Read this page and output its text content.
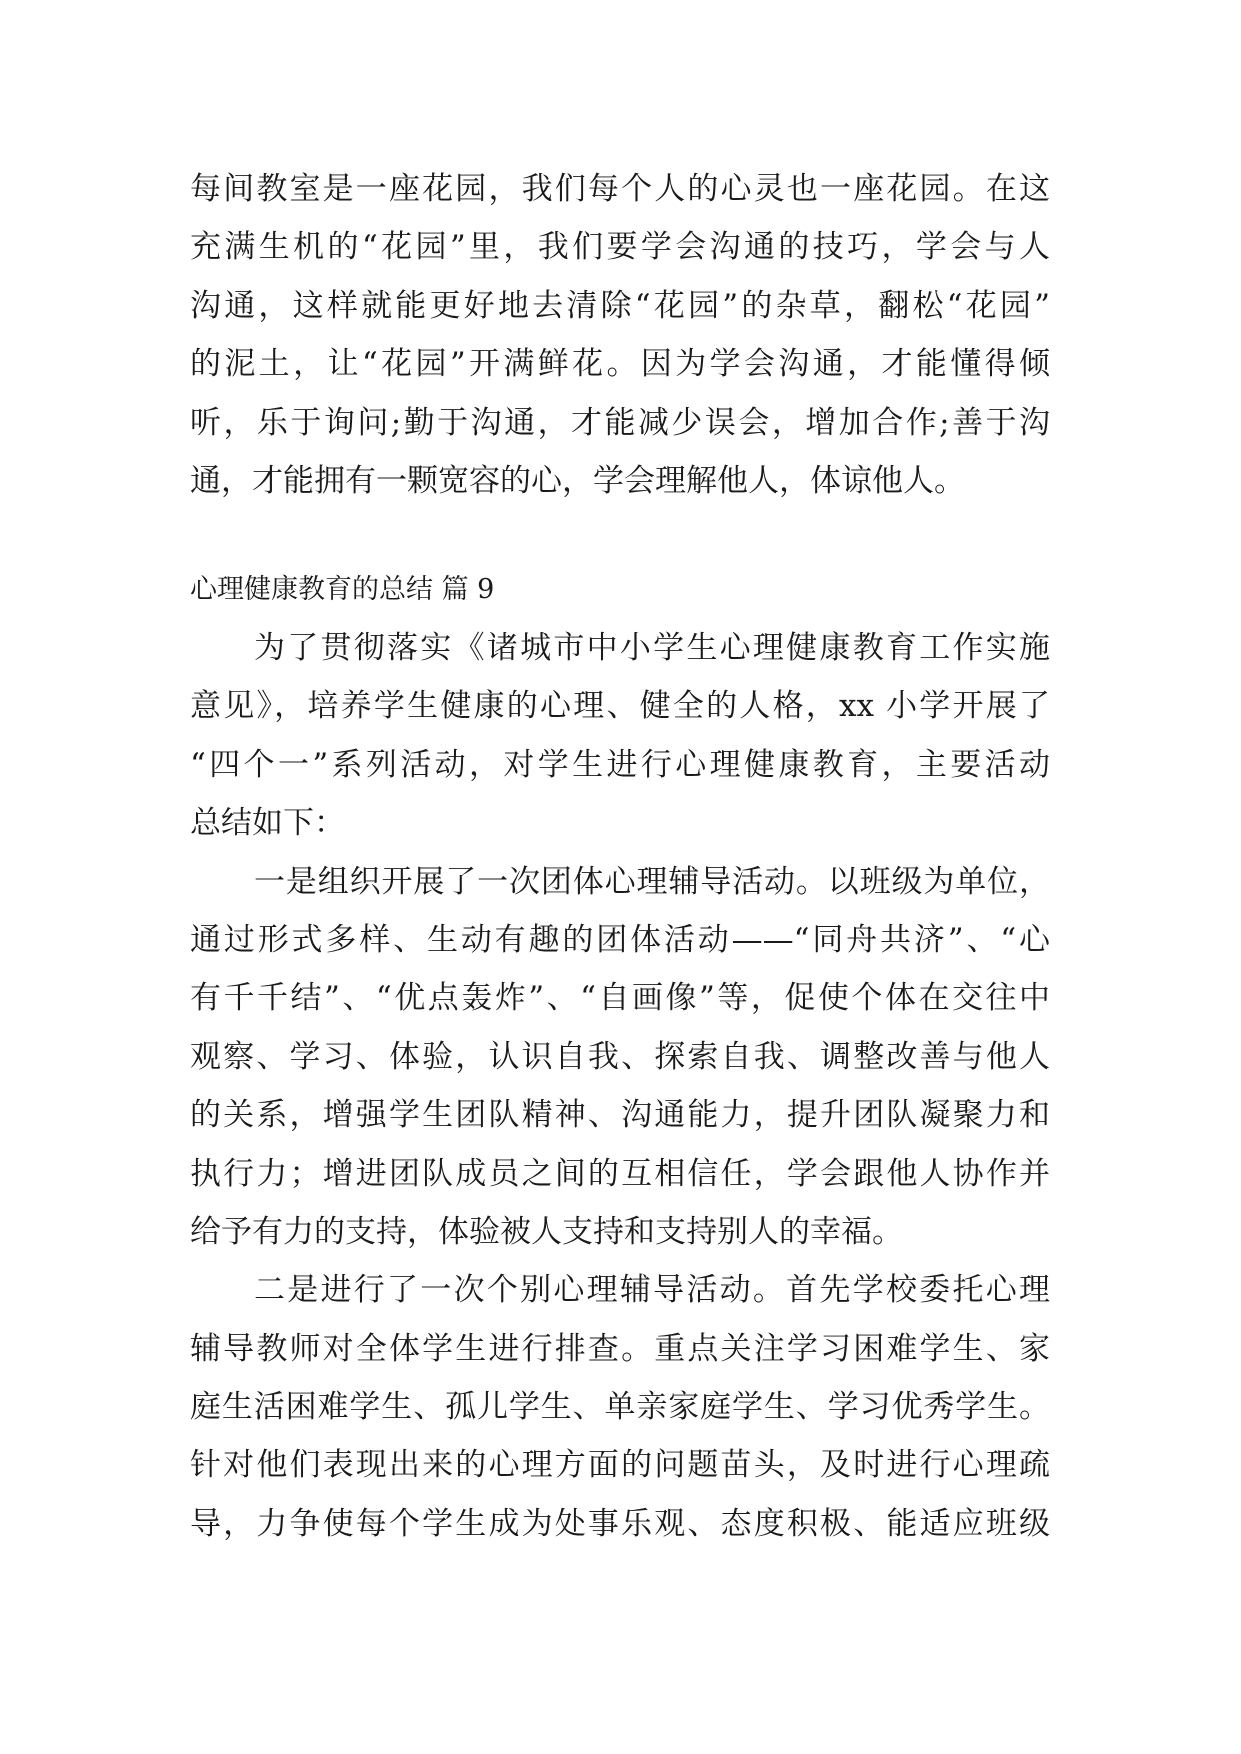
每间教室是一座花园，我们每个人的心灵也一座花园。在这
充满生机的“花园”里，我们要学会沟通的技巧，学会与人
沟通，这样就能更好地去清除“花园”的杂草，翻松“花园”
的泥土，让“花园”开满鲜花。因为学会沟通，才能懂得倾
听，乐于询问;勤于沟通，才能减少误会，增加合作;善于沟
通，才能拥有一颗宽容的心，学会理解他人，体谅他人。
心理健康教育的总结 篇 9
为了贯彻落实《诸城市中小学生心理健康教育工作实施
意见》，培养学生健康的心理、健全的人格，xx 小学开展了
“四个一”系列活动，对学生进行心理健康教育，主要活动
总结如下：
一是组织开展了一次团体心理辅导活动。以班级为单位，
通过形式多样、生动有趣的团体活动——“同舟共济”、“心
有千千结”、“优点轰炸”、“自画像”等，促使个体在交往中
观察、学习、体验，认识自我、探索自我、调整改善与他人
的关系，增强学生团队精神、沟通能力，提升团队凝聚力和
执行力；增进团队成员之间的互相信任，学会跟他人协作并
给予有力的支持，体验被人支持和支持别人的幸福。
二是进行了一次个别心理辅导活动。首先学校委托心理
辅导教师对全体学生进行排查。重点关注学习困难学生、家
庭生活困难学生、孤儿学生、单亲家庭学生、学习优秀学生。
针对他们表现出来的心理方面的问题苗头，及时进行心理疏
导，力争使每个学生成为处事乐观、态度积极、能适应班级
